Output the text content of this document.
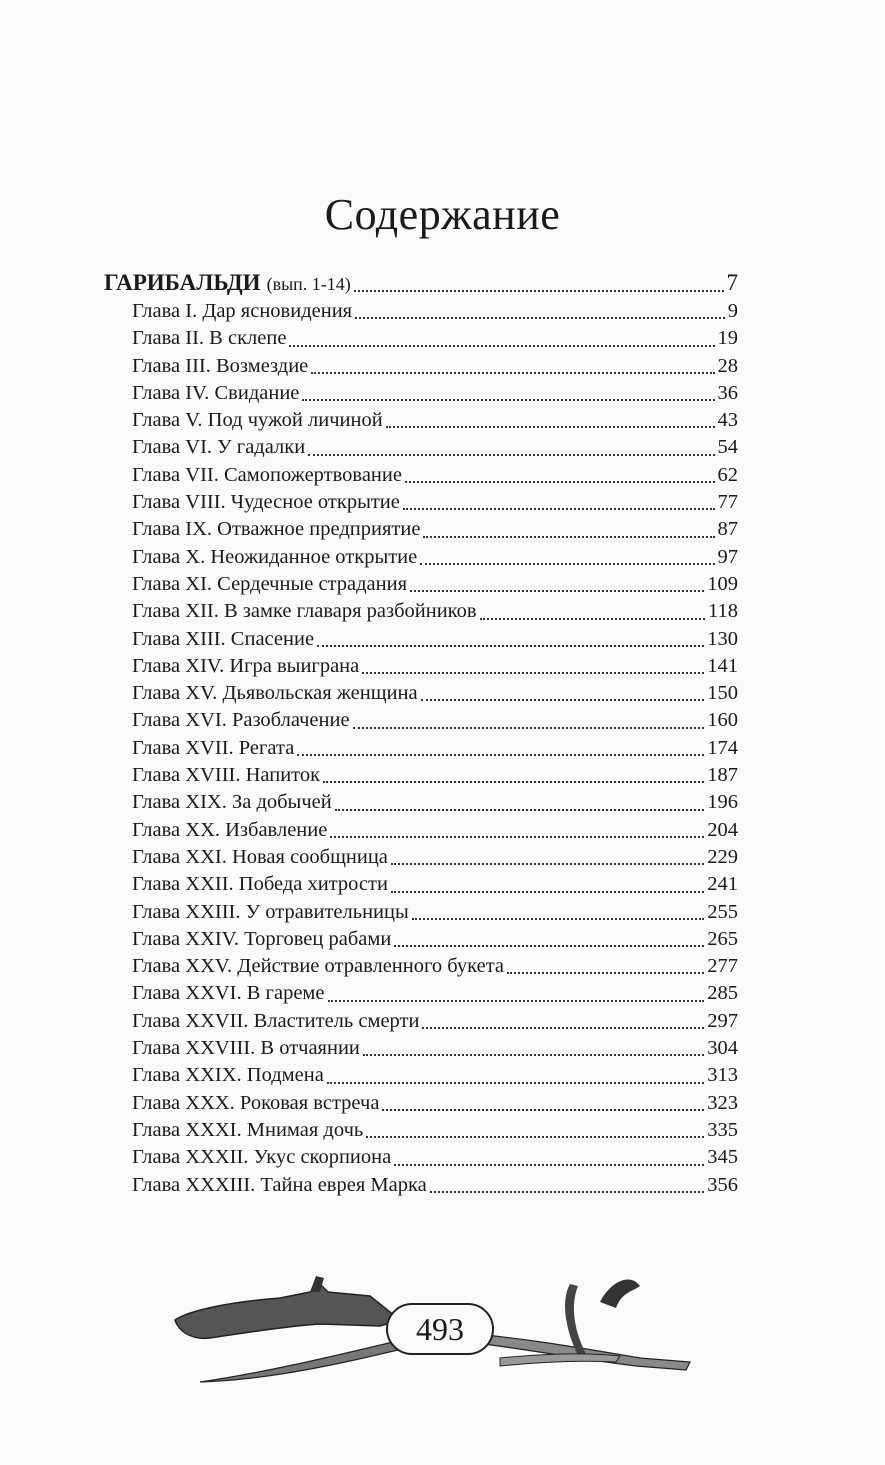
Содержание
ГАРИБАЛЬДИ (вып. 1-14)	7
Глава I. Дар ясновидения	9
Глава II. В склепе	19
Глава III. Возмездие	28
Глава IV. Свидание	36
Глава V. Под чужой личиной	43
Глава VI. У гадалки	54
Глава VII. Самопожертвование	62
Глава VIII. Чудесное открытие	77
Глава IX. Отважное предприятие	87
Глава X. Неожиданное открытие	97
Глава XI. Сердечные страдания	109
Глава XII. В замке главаря разбойников	118
Глава XIII. Спасение	130
Глава XIV. Игра выиграна	141
Глава XV. Дьявольская женщина	150
Глава XVI. Разоблачение	160
Глава XVII. Регата	174
Глава XVIII. Напиток	187
Глава XIX. За добычей	196
Глава XX. Избавление	204
Глава XXI. Новая сообщница	229
Глава XXII. Победа хитрости	241
Глава XXIII. У отравительницы	255
Глава XXIV. Торговец рабами	265
Глава XXV. Действие отравленного букета	277
Глава XXVI. В гареме	285
Глава XXVII. Властитель смерти	297
Глава XXVIII. В отчаянии	304
Глава XXIX. Подмена	313
Глава XXX. Роковая встреча	323
Глава XXXI. Мнимая дочь	335
Глава XXXII. Укус скорпиона	345
Глава XXXIII. Тайна еврея Марка	356
493
